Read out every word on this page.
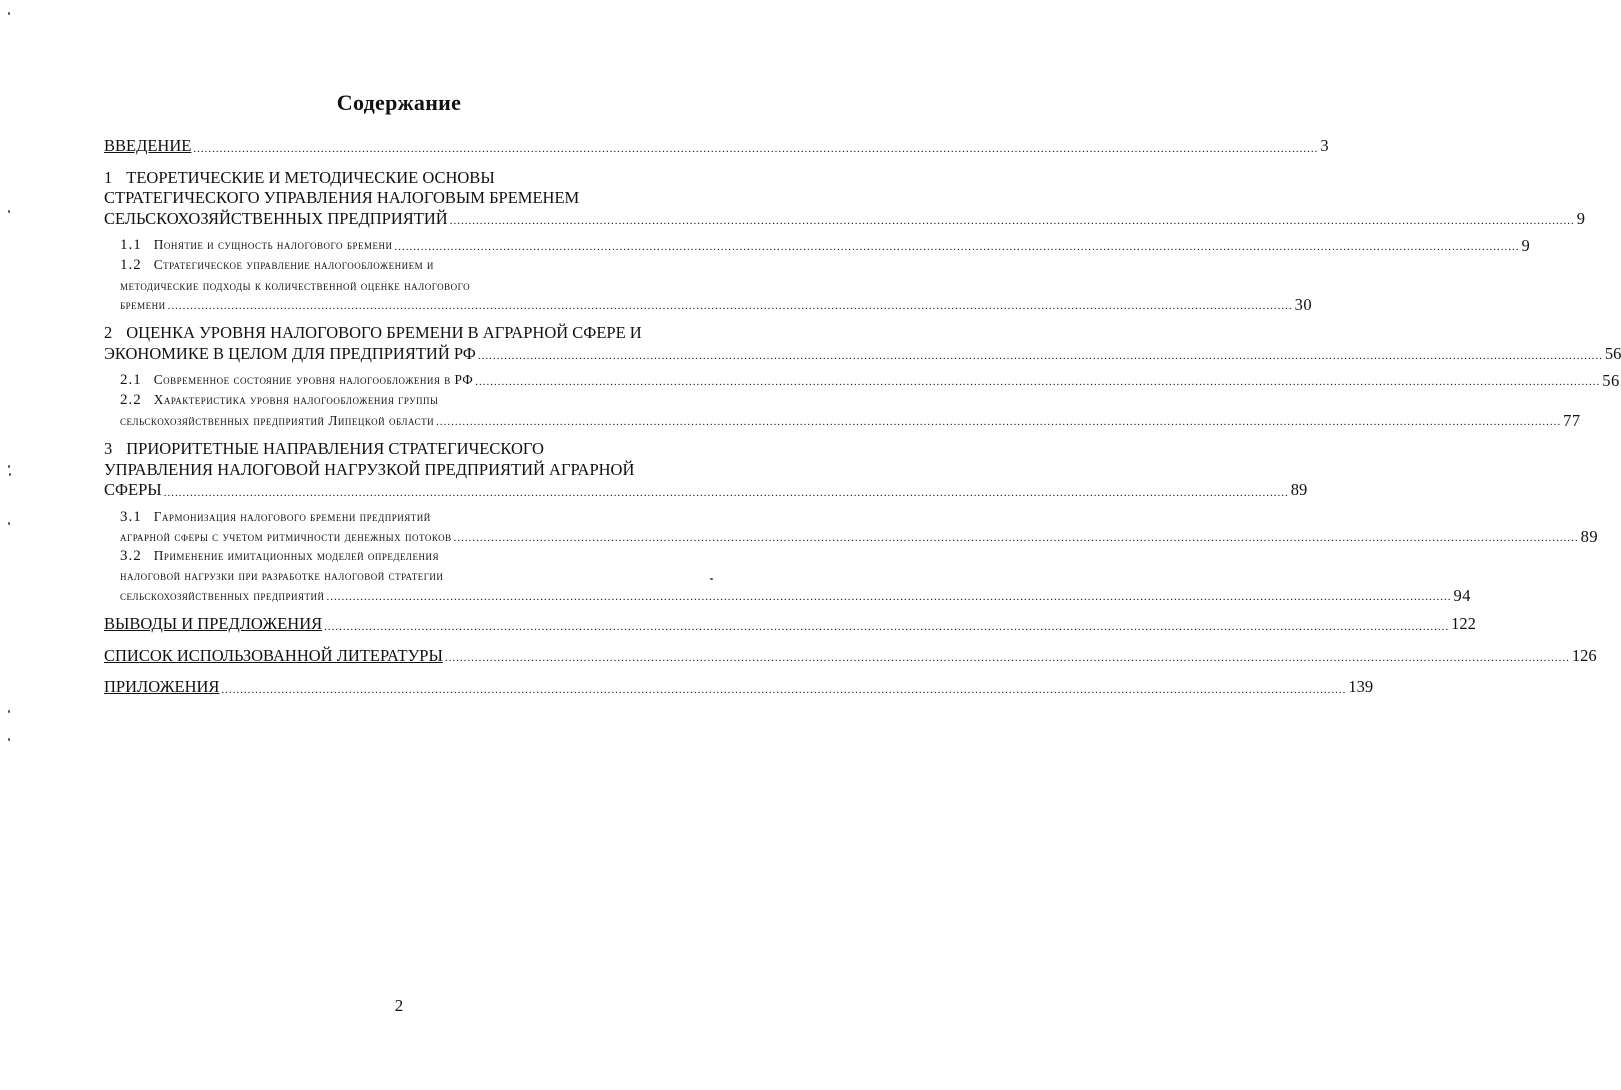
Содержание
ВВЕДЕНИЕ ............................................................................................................................................................................................................................................................................................................ 3
1 ТЕОРЕТИЧЕСКИЕ И МЕТОДИЧЕСКИЕ ОСНОВЫ
СТРАТЕГИЧЕСКОГО УПРАВЛЕНИЯ НАЛОГОВЫМ БРЕМЕНЕМ
СЕЛЬСКОХОЗЯЙСТВЕННЫХ ПРЕДПРИЯТИЙ ............................................................................................................................................................................................................................................................................................................ 9
1.1 Понятие и сущность налогового бремени ............................................................................................................................................................................................................................................................................................................ 9
1.2 Стратегическое управление налогообложением и
методические подходы к количественной оценке налогового
бремени ............................................................................................................................................................................................................................................................................................................ 30
2 ОЦЕНКА УРОВНЯ НАЛОГОВОГО БРЕМЕНИ В АГРАРНОЙ СФЕРЕ И
ЭКОНОМИКЕ В ЦЕЛОМ ДЛЯ ПРЕДПРИЯТИЙ РФ ............................................................................................................................................................................................................................................................................................................ 56
2.1 Современное состояние уровня налогообложения в РФ ............................................................................................................................................................................................................................................................................................................ 56
2.2 Характеристика уровня налогообложения группы
сельскохозяйственных предприятий Липецкой области ............................................................................................................................................................................................................................................................................................................ 77
3 ПРИОРИТЕТНЫЕ НАПРАВЛЕНИЯ СТРАТЕГИЧЕСКОГО
УПРАВЛЕНИЯ НАЛОГОВОЙ НАГРУЗКОЙ ПРЕДПРИЯТИЙ АГРАРНОЙ
СФЕРЫ ............................................................................................................................................................................................................................................................................................................ 89
3.1 Гармонизация налогового бремени предприятий
аграрной сферы с учетом ритмичности денежных потоков ............................................................................................................................................................................................................................................................................................................ 89
3.2 Применение имитационных моделей определения
налоговой нагрузки при разработке налоговой стратегии
сельскохозяйственных предприятий ............................................................................................................................................................................................................................................................................................................ 94
ВЫВОДЫ И ПРЕДЛОЖЕНИЯ ............................................................................................................................................................................................................................................................................................................ 122
СПИСОК ИСПОЛЬЗОВАННОЙ ЛИТЕРАТУРЫ ............................................................................................................................................................................................................................................................................................................ 126
ПРИЛОЖЕНИЯ ............................................................................................................................................................................................................................................................................................................ 139
2
